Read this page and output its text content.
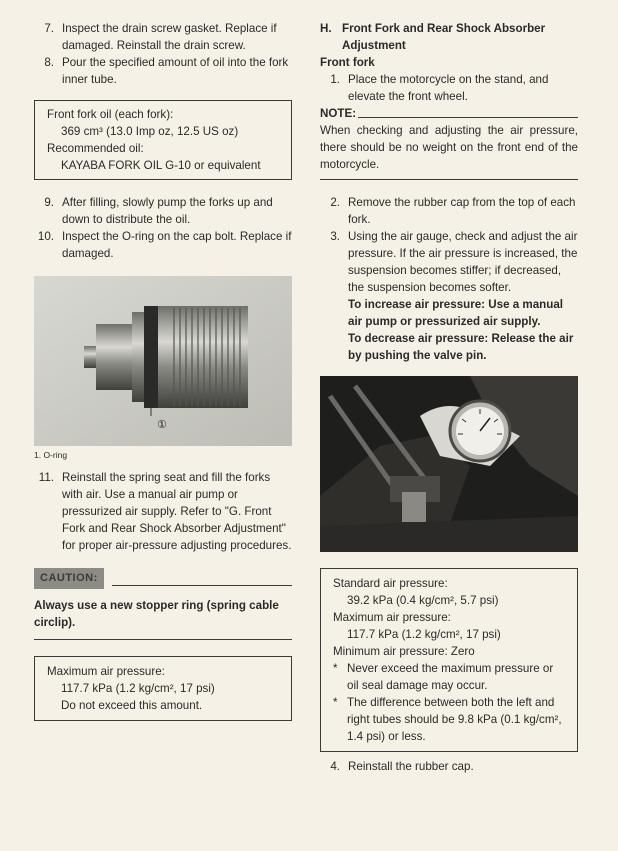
7. Inspect the drain screw gasket. Replace if damaged. Reinstall the drain screw.
8. Pour the specified amount of oil into the fork inner tube.
Front fork oil (each fork):
369 cm³ (13.0 Imp oz, 12.5 US oz)
Recommended oil:
KAYABA FORK OIL G-10 or equivalent
9. After filling, slowly pump the forks up and down to distribute the oil.
10. Inspect the O-ring on the cap bolt. Replace if damaged.
①
1. O-ring
11. Reinstall the spring seat and fill the forks with air. Use a manual air pump or pressurized air supply. Refer to "G. Front Fork and Rear Shock Absorber Adjustment" for proper air-pressure adjusting procedures.
CAUTION:
Always use a new stopper ring (spring cable circlip).
Maximum air pressure:
117.7 kPa (1.2 kg/cm², 17 psi)
Do not exceed this amount.
H. Front Fork and Rear Shock Absorber Adjustment
Front fork
1. Place the motorcycle on the stand, and elevate the front wheel.
NOTE:
When checking and adjusting the air pressure, there should be no weight on the front end of the motorcycle.
2. Remove the rubber cap from the top of each fork.
3. Using the air gauge, check and adjust the air pressure. If the air pressure is increased, the suspension becomes stiffer; if decreased, the suspension becomes softer.
To increase air pressure: Use a manual air pump or pressurized air supply.
To decrease air pressure: Release the air by pushing the valve pin.
Standard air pressure:
39.2 kPa (0.4 kg/cm², 5.7 psi)
Maximum air pressure:
117.7 kPa (1.2 kg/cm², 17 psi)
Minimum air pressure: Zero
* Never exceed the maximum pressure or oil seal damage may occur.
* The difference between both the left and right tubes should be 9.8 kPa (0.1 kg/cm², 1.4 psi) or less.
4. Reinstall the rubber cap.
